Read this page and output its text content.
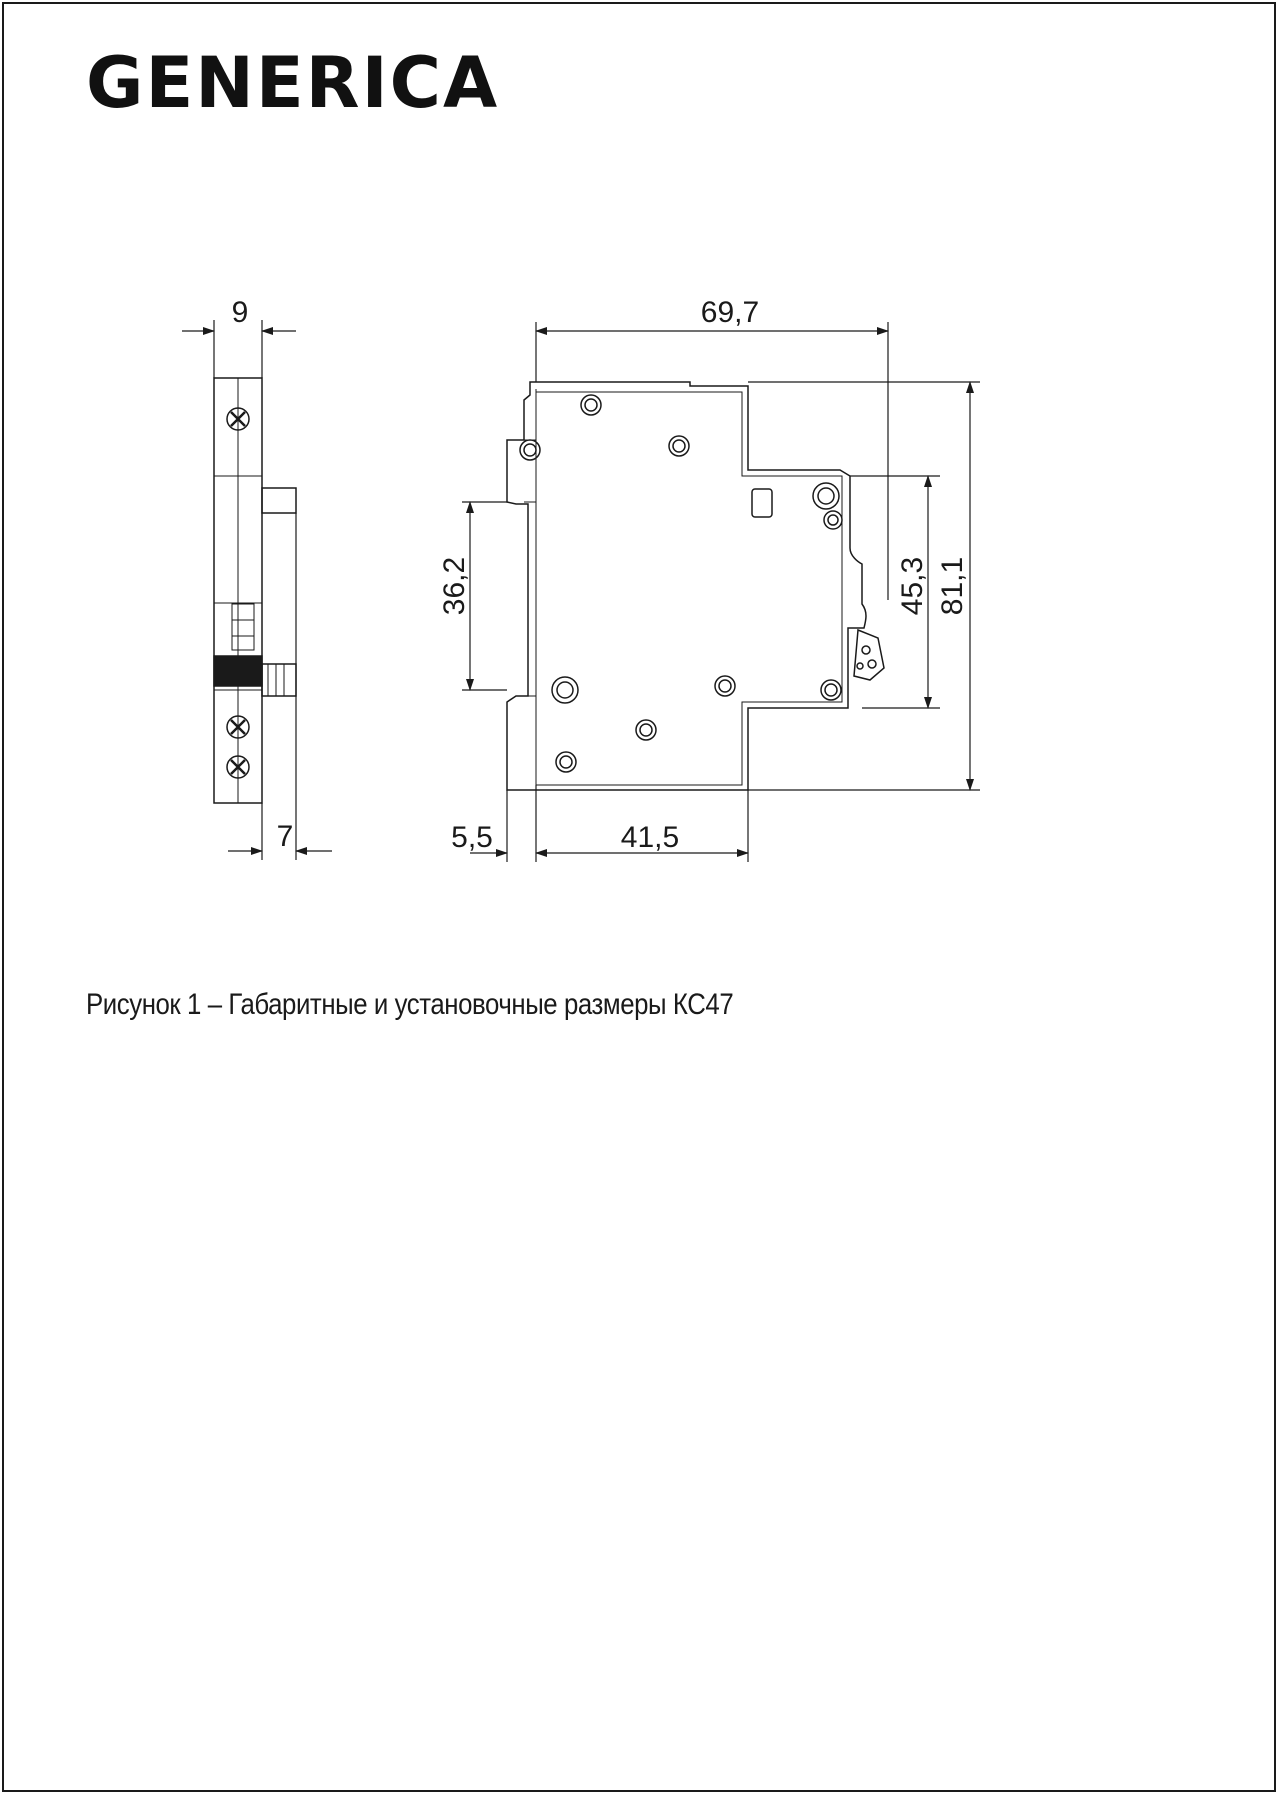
GENERICA
9
7
69,7
5,5	41,5
36,2	45,3 81,1
Рисунок 1 – Габаритные и установочные размеры КС47
